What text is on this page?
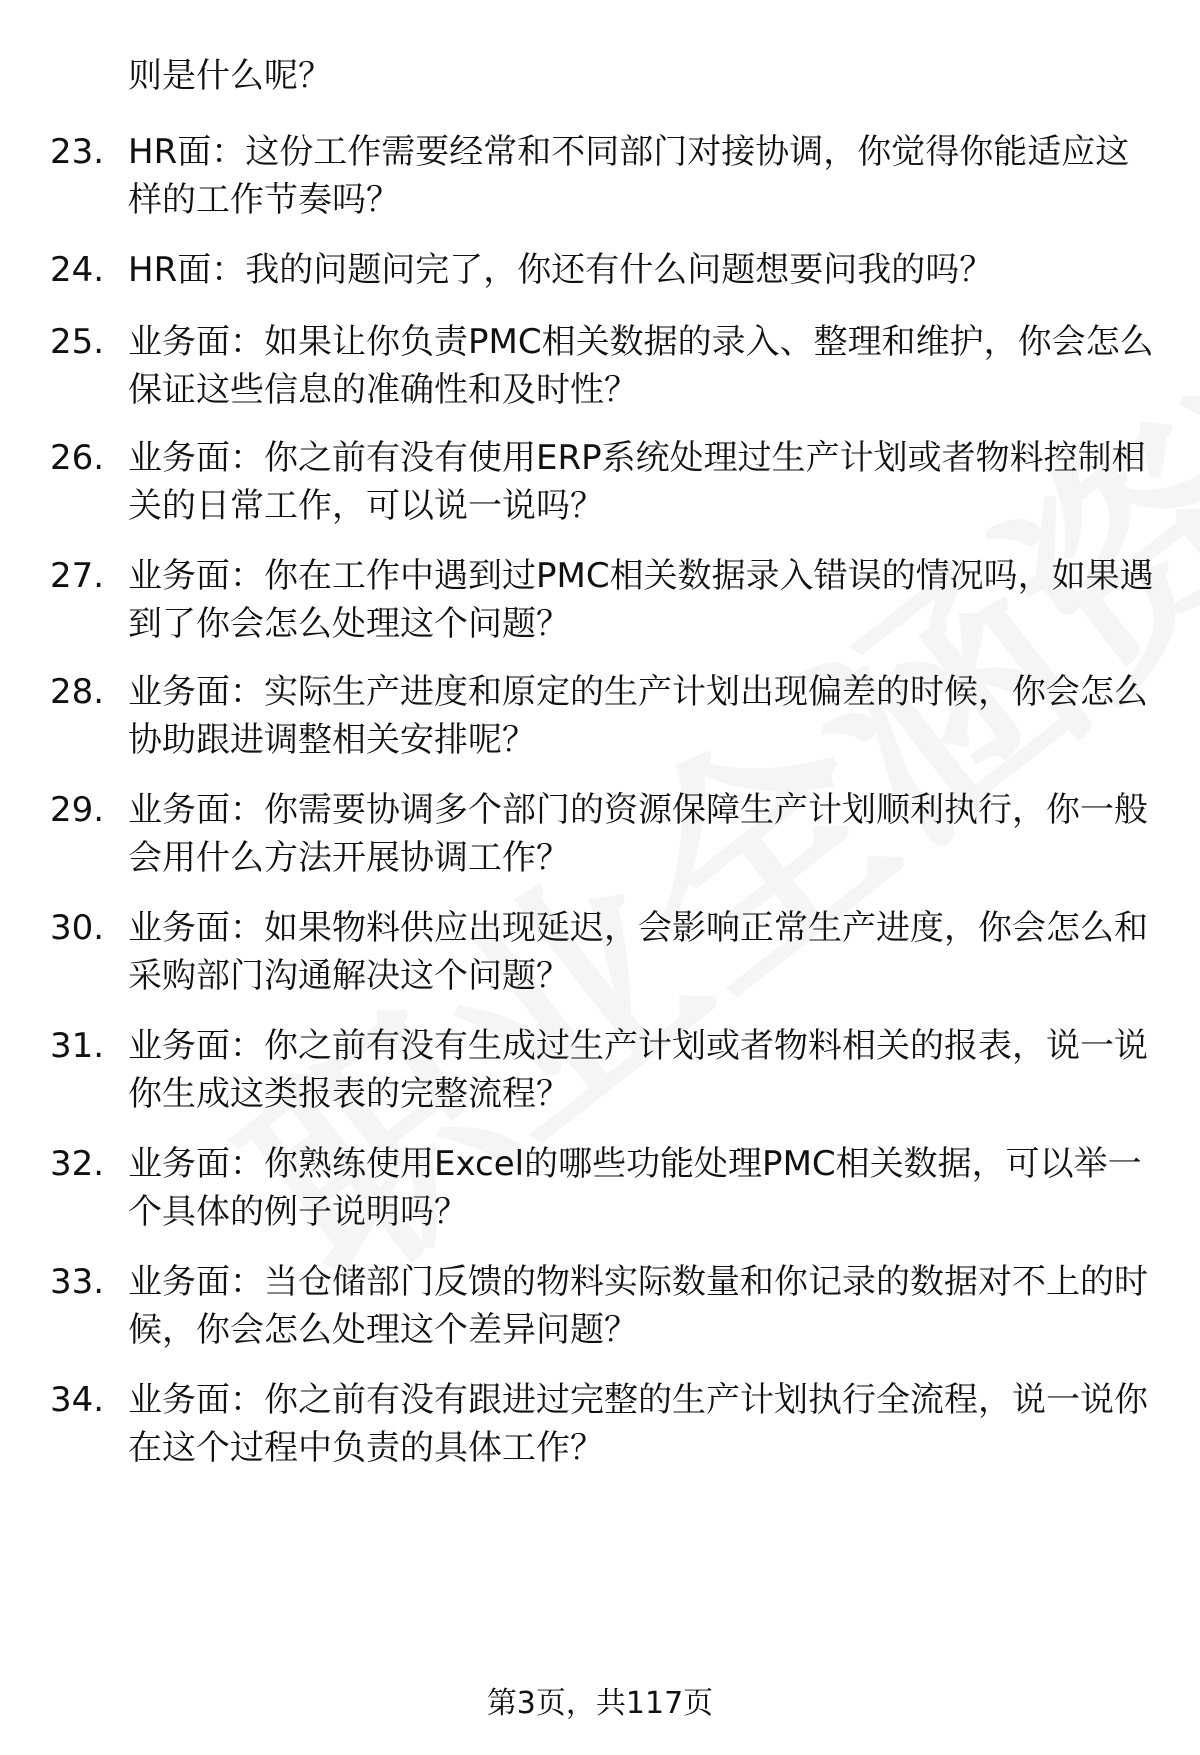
则是什么呢？
23. HR面：这份工作需要经常和不同部门对接协调，你觉得你能适应这样的工作节奏吗？
24. HR面：我的问题问完了，你还有什么问题想要问我的吗？
25. 业务面：如果让你负责PMC相关数据的录入、整理和维护，你会怎么保证这些信息的准确性和及时性？
26. 业务面：你之前有没有使用ERP系统处理过生产计划或者物料控制相关的日常工作，可以说一说吗？
27. 业务面：你在工作中遇到过PMC相关数据录入错误的情况吗，如果遇到了你会怎么处理这个问题？
28. 业务面：实际生产进度和原定的生产计划出现偏差的时候，你会怎么协助跟进调整相关安排呢？
29. 业务面：你需要协调多个部门的资源保障生产计划顺利执行，你一般会用什么方法开展协调工作？
30. 业务面：如果物料供应出现延迟，会影响正常生产进度，你会怎么和采购部门沟通解决这个问题？
31. 业务面：你之前有没有生成过生产计划或者物料相关的报表，说一说你生成这类报表的完整流程？
32. 业务面：你熟练使用Excel的哪些功能处理PMC相关数据，可以举一个具体的例子说明吗？
33. 业务面：当仓储部门反馈的物料实际数量和你记录的数据对不上的时候，你会怎么处理这个差异问题？
34. 业务面：你之前有没有跟进过完整的生产计划执行全流程，说一说你在这个过程中负责的具体工作？
第3页，共117页
